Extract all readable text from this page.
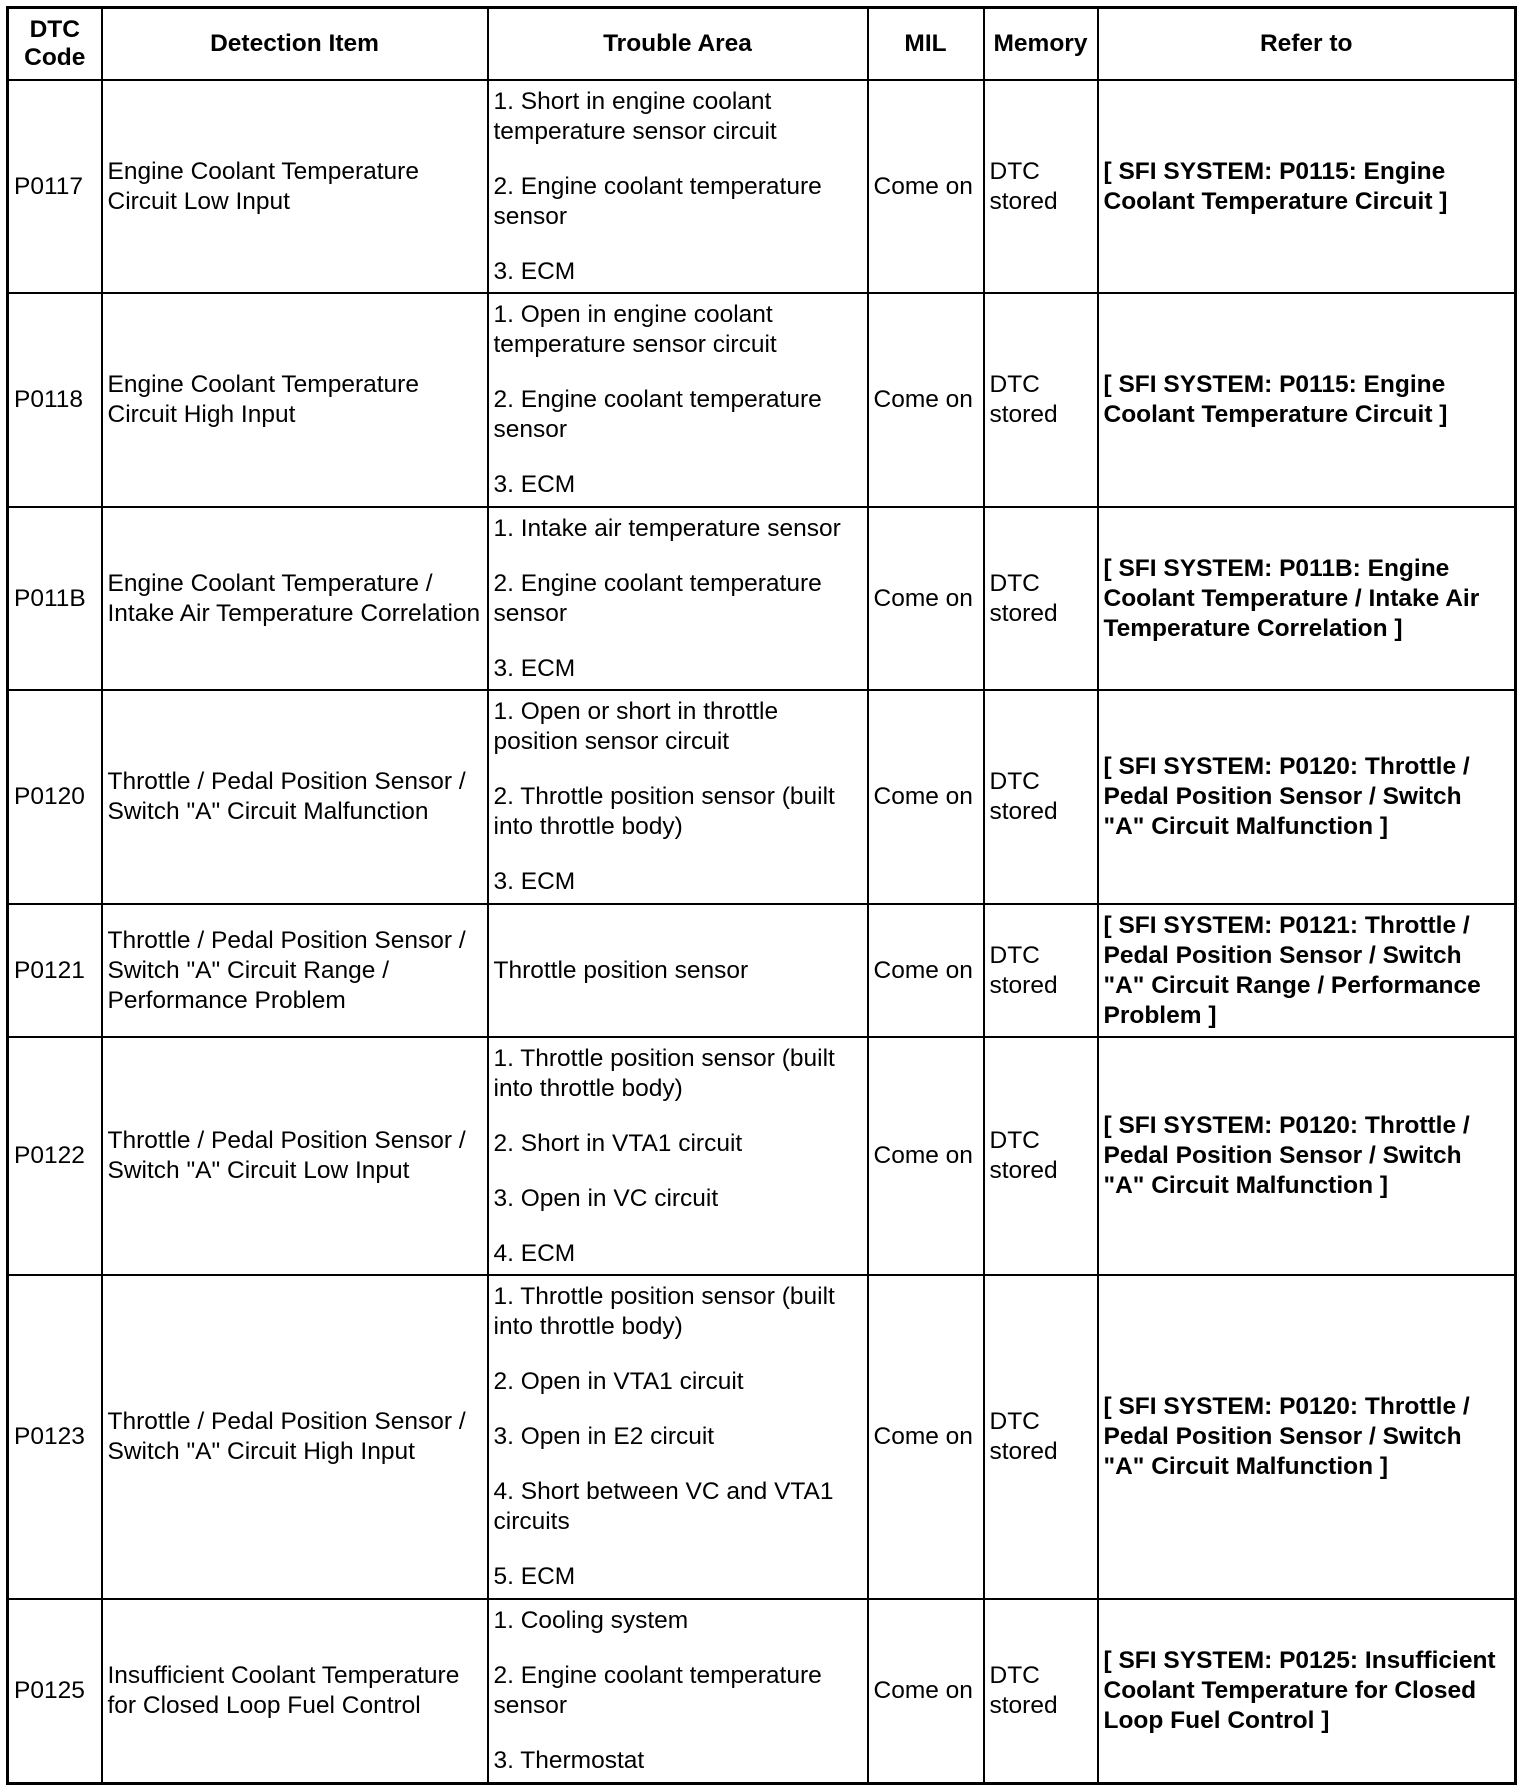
DTC Code	Detection Item	Trouble Area	MIL	Memory	Refer to
P0117	Engine Coolant Temperature Circuit Low Input	1. Short in engine coolant temperature sensor circuit
2. Engine coolant temperature sensor
3. ECM	Come on	DTC stored	[ SFI SYSTEM: P0115: Engine Coolant Temperature Circuit ]
P0118	Engine Coolant Temperature Circuit High Input	1. Open in engine coolant temperature sensor circuit
2. Engine coolant temperature sensor
3. ECM	Come on	DTC stored	[ SFI SYSTEM: P0115: Engine Coolant Temperature Circuit ]
P011B	Engine Coolant Temperature / Intake Air Temperature Correlation	1. Intake air temperature sensor
2. Engine coolant temperature sensor
3. ECM	Come on	DTC stored	[ SFI SYSTEM: P011B: Engine Coolant Temperature / Intake Air Temperature Correlation ]
P0120	Throttle / Pedal Position Sensor / Switch "A" Circuit Malfunction	1. Open or short in throttle position sensor circuit
2. Throttle position sensor (built into throttle body)
3. ECM	Come on	DTC stored	[ SFI SYSTEM: P0120: Throttle / Pedal Position Sensor / Switch "A" Circuit Malfunction ]
P0121	Throttle / Pedal Position Sensor / Switch "A" Circuit Range / Performance Problem	Throttle position sensor	Come on	DTC stored	[ SFI SYSTEM: P0121: Throttle / Pedal Position Sensor / Switch "A" Circuit Range / Performance Problem ]
P0122	Throttle / Pedal Position Sensor / Switch "A" Circuit Low Input	1. Throttle position sensor (built into throttle body)
2. Short in VTA1 circuit
3. Open in VC circuit
4. ECM	Come on	DTC stored	[ SFI SYSTEM: P0120: Throttle / Pedal Position Sensor / Switch "A" Circuit Malfunction ]
P0123	Throttle / Pedal Position Sensor / Switch "A" Circuit High Input	1. Throttle position sensor (built into throttle body)
2. Open in VTA1 circuit
3. Open in E2 circuit
4. Short between VC and VTA1 circuits
5. ECM	Come on	DTC stored	[ SFI SYSTEM: P0120: Throttle / Pedal Position Sensor / Switch "A" Circuit Malfunction ]
P0125	Insufficient Coolant Temperature for Closed Loop Fuel Control	1. Cooling system
2. Engine coolant temperature sensor
3. Thermostat	Come on	DTC stored	[ SFI SYSTEM: P0125: Insufficient Coolant Temperature for Closed Loop Fuel Control ]
